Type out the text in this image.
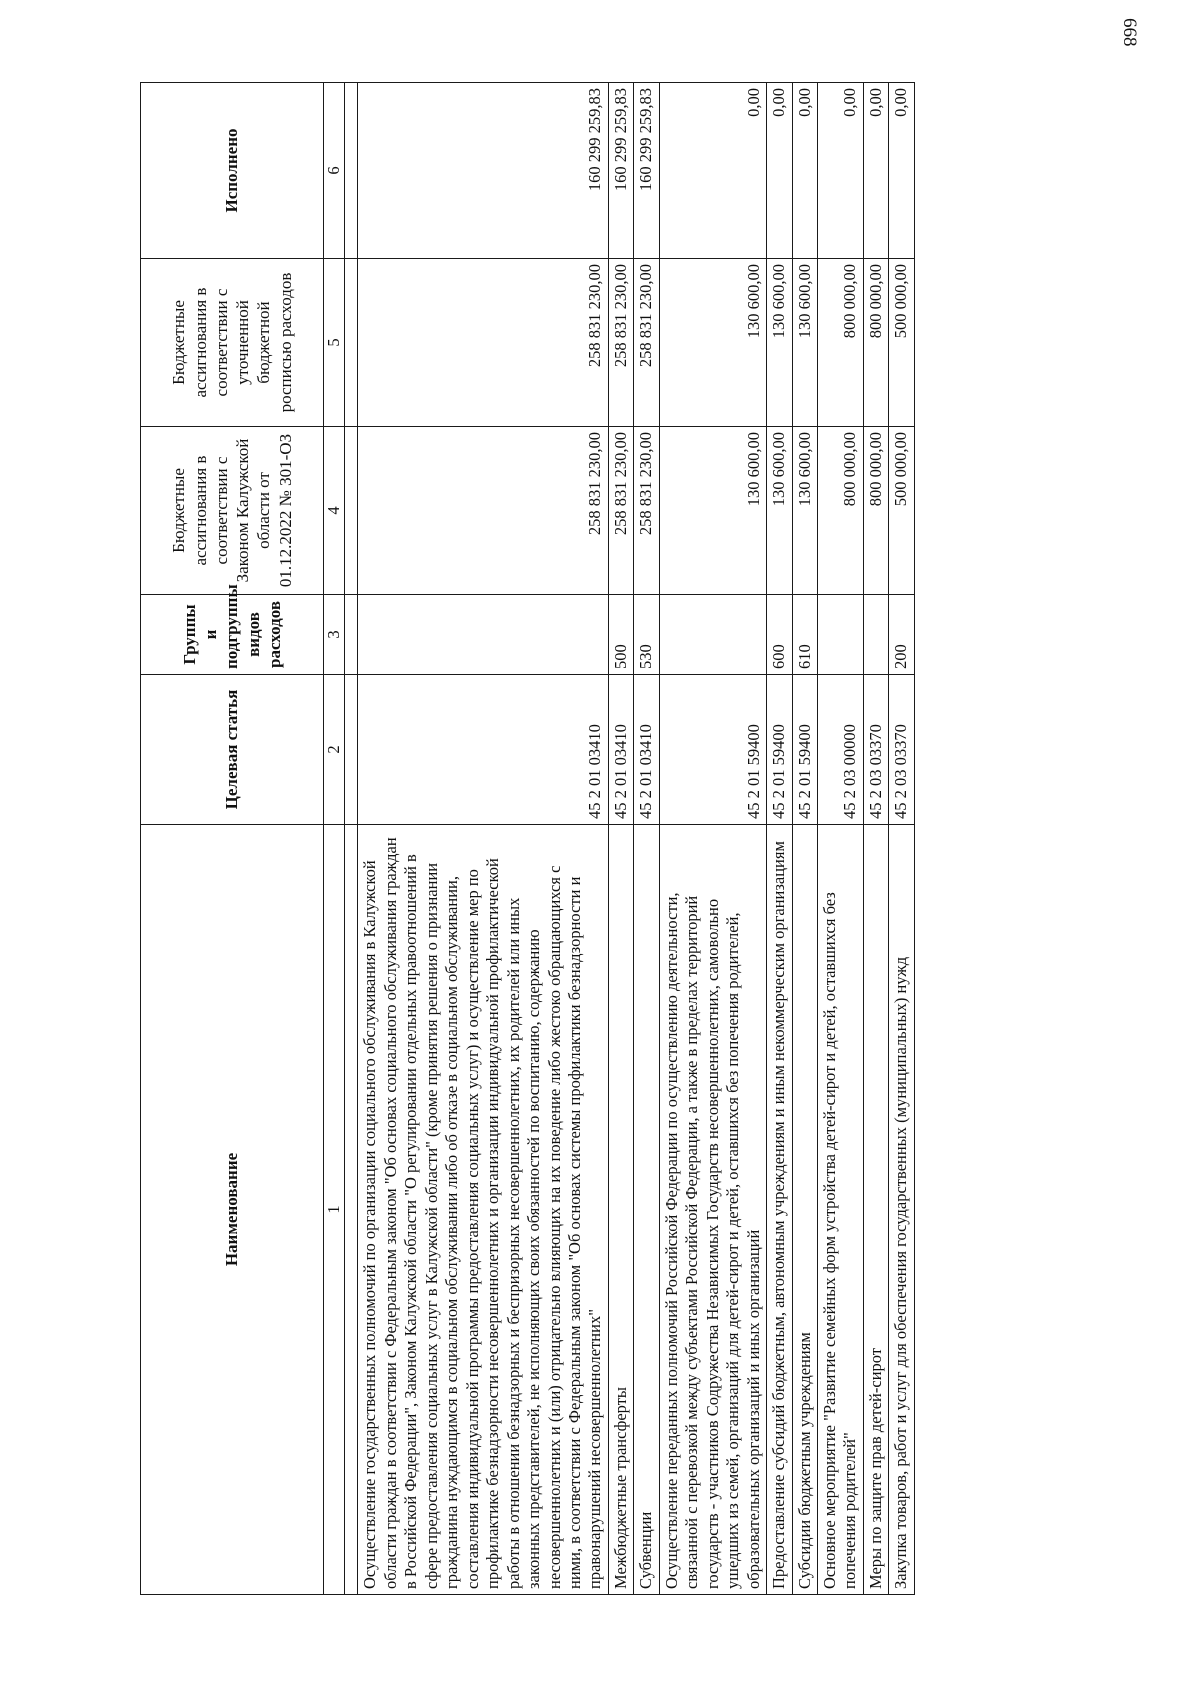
668
Наименование	Целевая статья	Группы и подгруппы видов расходов	Бюджетные ассигнования в соответствии с Законом Калужской области от 01.12.2022 № 301-ОЗ	Бюджетные ассигнования в соответствии с уточненной бюджетной росписью расходов	Исполнено
1	2	3	4	5	6

Осуществление государственных полномочий по организации социального обслуживания в Калужской области граждан в соответствии с Федеральным законом "Об основах социального обслуживания граждан в Российской Федерации", Законом Калужской области "О регулировании отдельных правоотношений в сфере предоставления социальных услуг в Калужской области" (кроме принятия решения о признании гражданина нуждающимся в социальном обслуживании либо об отказе в социальном обслуживании, составления индивидуальной программы предоставления социальных услуг) и осуществление мер по профилактике безнадзорности несовершеннолетних и организации индивидуальной профилактической работы в отношении безнадзорных и беспризорных несовершеннолетних, их родителей или иных законных представителей, не исполняющих своих обязанностей по воспитанию, содержанию несовершеннолетних и (или) отрицательно влияющих на их поведение либо жестоко обращающихся с ними, в соответствии с Федеральным законом "Об основах системы профилактики безнадзорности и правонарушений несовершеннолетних"	45 2 01 03410		258 831 230,00	258 831 230,00	160 299 259,83
Межбюджетные трансферты	45 2 01 03410	500	258 831 230,00	258 831 230,00	160 299 259,83
Субвенции	45 2 01 03410	530	258 831 230,00	258 831 230,00	160 299 259,83
Осуществление переданных полномочий Российской Федерации по осуществлению деятельности, связанной с перевозкой между субъектами Российской Федерации, а также в пределах территорий государств - участников Содружества Независимых Государств несовершеннолетних, самовольно ушедших из семей, организаций для детей-сирот и детей, оставшихся без попечения родителей, образовательных организаций и иных организаций	45 2 01 59400		130 600,00	130 600,00	0,00
Предоставление субсидий бюджетным, автономным учреждениям и иным некоммерческим организациям	45 2 01 59400	600	130 600,00	130 600,00	0,00
Субсидии бюджетным учреждениям	45 2 01 59400	610	130 600,00	130 600,00	0,00
Основное мероприятие "Развитие семейных форм устройства детей-сирот и детей, оставшихся без попечения родителей"	45 2 03 00000		800 000,00	800 000,00	0,00
Меры по защите прав детей-сирот	45 2 03 03370		800 000,00	800 000,00	0,00
Закупка товаров, работ и услуг для обеспечения государственных (муниципальных) нужд	45 2 03 03370	200	500 000,00	500 000,00	0,00
